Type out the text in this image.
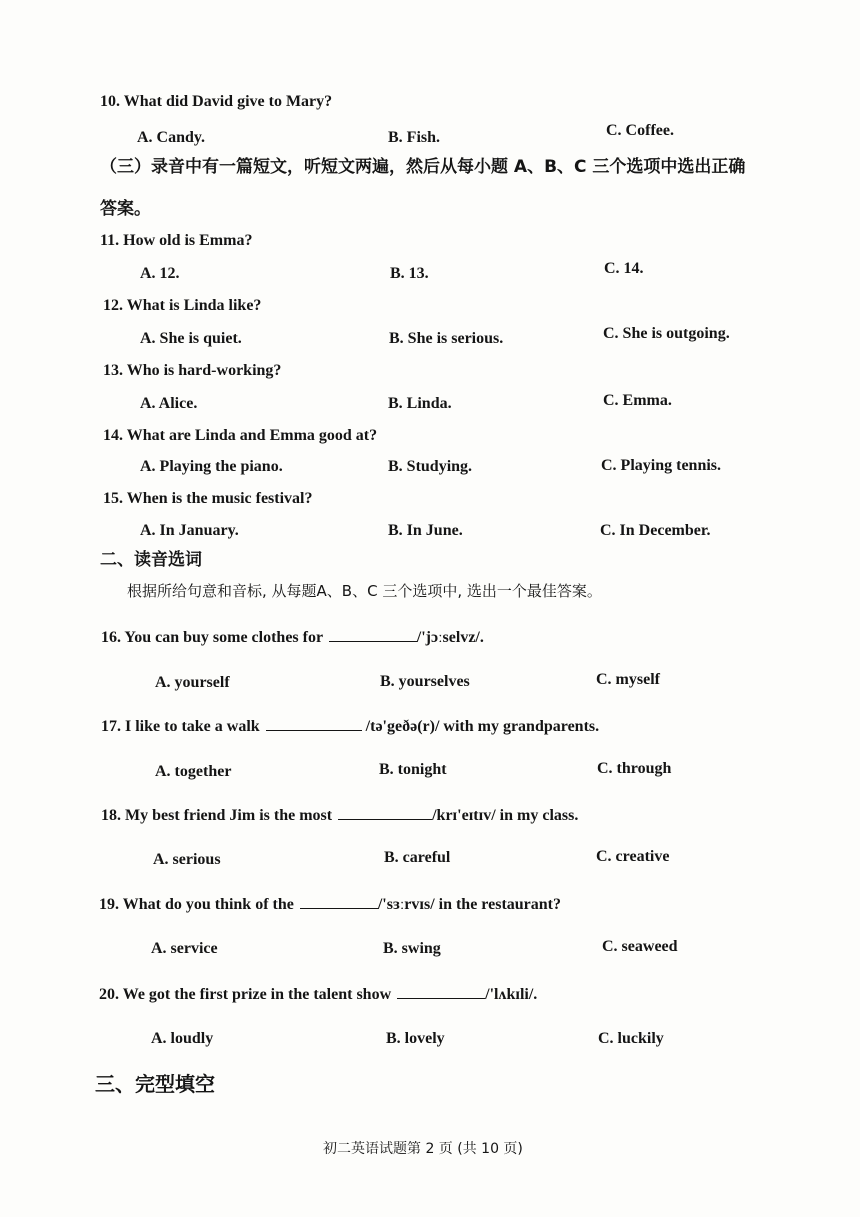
10. What did David give to Mary?
A. Candy.	B. Fish.	C. Coffee.
（三）录音中有一篇短文，听短文两遍，然后从每小题 A、B、C 三个选项中选出正确
答案。
11. How old is Emma?
A. 12.	B. 13.	C. 14.
12. What is Linda like?
A. She is quiet.	B. She is serious.	C. She is outgoing.
13. Who is hard-working?
A. Alice.	B. Linda.	C. Emma.
14. What are Linda and Emma good at?
A. Playing the piano.	B. Studying.	C. Playing tennis.
15. When is the music festival?
A. In January.	B. In June.	C. In December.
二、读音选词
根据所给句意和音标, 从每题A、B、C 三个选项中, 选出一个最佳答案。
16. You can buy some clothes for	/'jɔːselvz/.
A. yourself	B. yourselves	C. myself
17. I like to take a walk	/tə'geðə(r)/ with my grandparents.
A. together	B. tonight	C. through
18. My best friend Jim is the most	/krɪ'eɪtɪv/ in my class.
A. serious	B. careful	C. creative
19. What do you think of the	/'sɜːrvɪs/ in the restaurant?
A. service	B. swing	C. seaweed
20. We got the first prize in the talent show	/'lʌkɪli/.
A. loudly	B. lovely	C. luckily
三、完型填空
初二英语试题第 2 页 (共 10 页)
